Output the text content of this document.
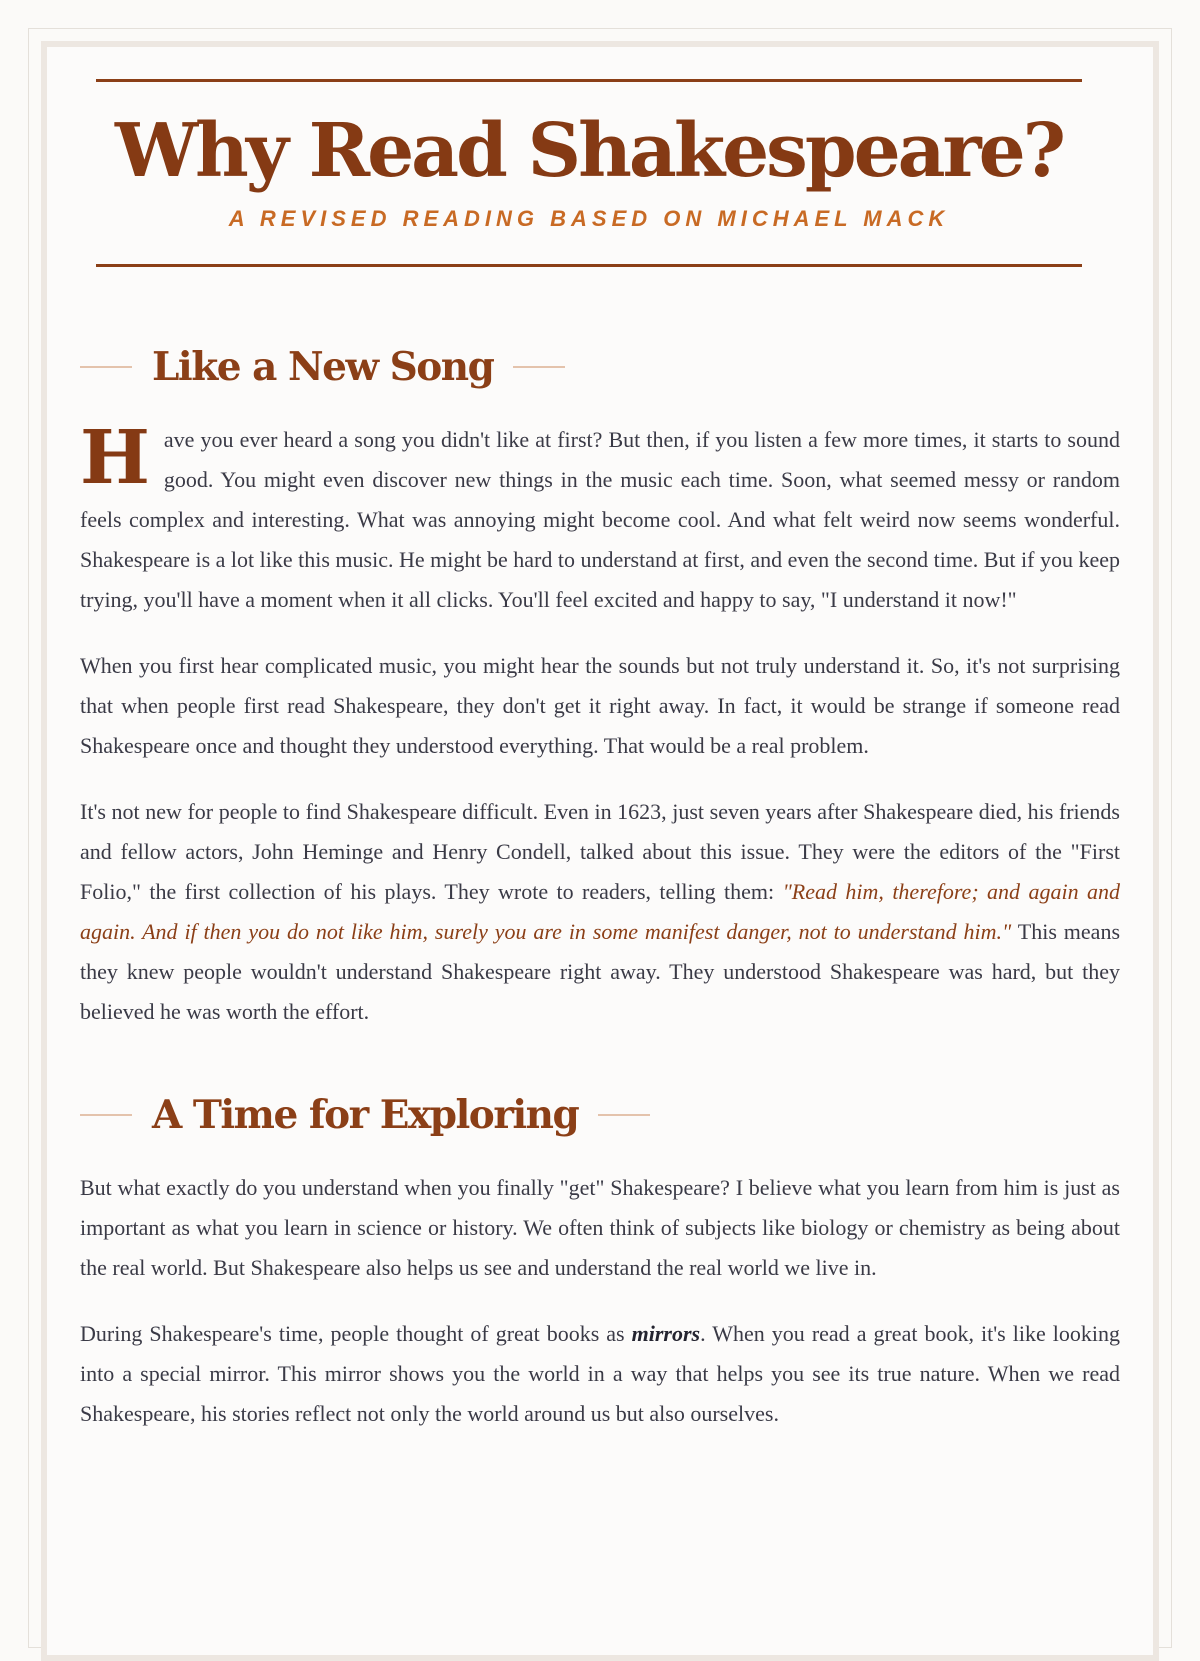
Why Read Shakespeare?
A REVISED READING BASED ON MICHAEL MACK
Like a New Song

Have you ever heard a song you didn't like at first? But then, if you listen a few more times, it starts to sound good. You might even discover new things in the music each time. Soon, what seemed messy or random feels complex and interesting. What was annoying might become cool. And what felt weird now seems wonderful. Shakespeare is a lot like this music. He might be hard to understand at first, and even the second time. But if you keep trying, you'll have a moment when it all clicks. You'll feel excited and happy to say, "I understand it now!"

When you first hear complicated music, you might hear the sounds but not truly understand it. So, it's not surprising that when people first read Shakespeare, they don't get it right away. In fact, it would be strange if someone read Shakespeare once and thought they understood everything. That would be a real problem.

It's not new for people to find Shakespeare difficult. Even in 1623, just seven years after Shakespeare died, his friends and fellow actors, John Heminge and Henry Condell, talked about this issue. They were the editors of the "First Folio," the first collection of his plays. They wrote to readers, telling them: "Read him, therefore; and again and again. And if then you do not like him, surely you are in some manifest danger, not to understand him." This means they knew people wouldn't understand Shakespeare right away. They understood Shakespeare was hard, but they believed he was worth the effort.

A Time for Exploring

But what exactly do you understand when you finally "get" Shakespeare? I believe what you learn from him is just as important as what you learn in science or history. We often think of subjects like biology or chemistry as being about the real world. But Shakespeare also helps us see and understand the real world we live in.

During Shakespeare's time, people thought of great books as mirrors. When you read a great book, it's like looking into a special mirror. This mirror shows you the world in a way that helps you see its true nature. When we read Shakespeare, his stories reflect not only the world around us but also ourselves.
